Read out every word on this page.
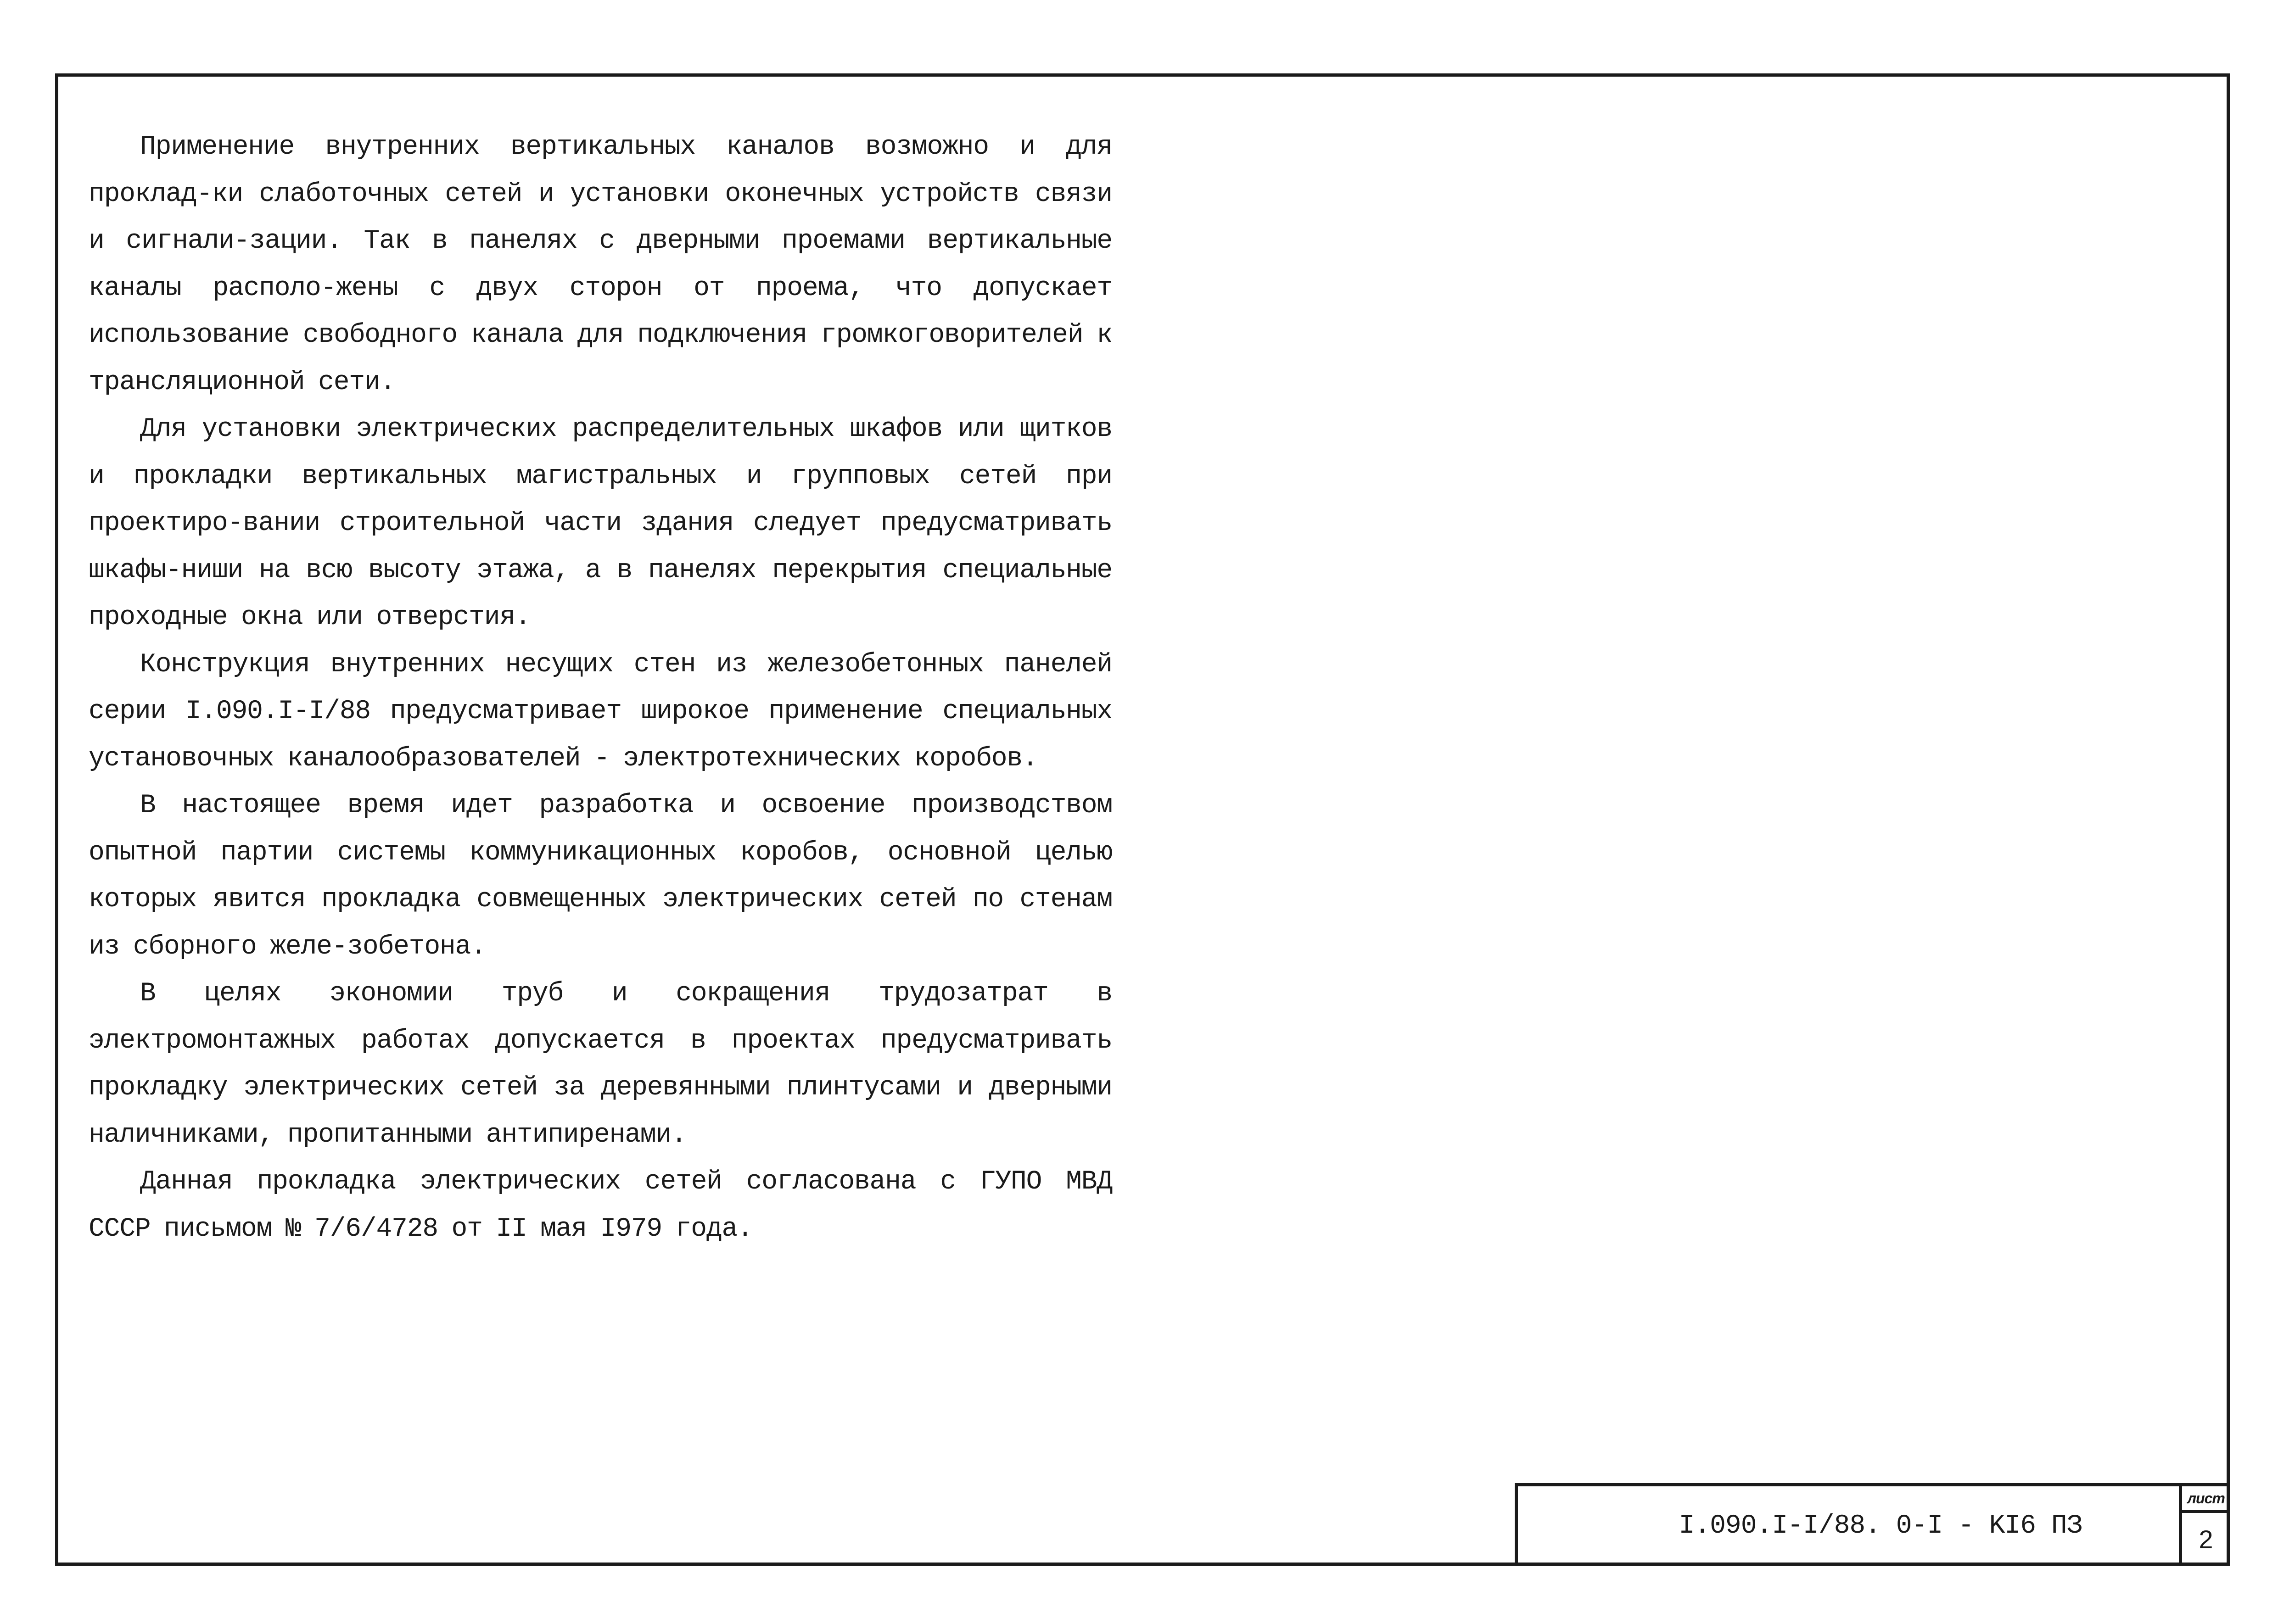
Применение внутренних вертикальных каналов возможно и для проклад-ки слаботочных сетей и установки оконечных устройств связи и сигнали-зации. Так в панелях с дверными проемами вертикальные каналы располо-жены с двух сторон от проема, что допускает использование свободного канала для подключения громкоговорителей к трансляционной сети.

Для установки электрических распределительных шкафов или щитков и прокладки вертикальных магистральных и групповых сетей при проектиро-вании строительной части здания следует предусматривать шкафы-ниши на всю высоту этажа, а в панелях перекрытия специальные проходные окна или отверстия.

Конструкция внутренних несущих стен из железобетонных панелей серии I.090.I-I/88 предусматривает широкое применение специальных установочных каналообразователей - электротехнических коробов.

В настоящее время идет разработка и освоение производством опытной партии системы коммуникационных коробов, основной целью которых явится прокладка совмещенных электрических сетей по стенам из сборного желе-зобетона.

В целях экономии труб и сокращения трудозатрат в электромонтажных работах допускается в проектах предусматривать прокладку электрических сетей за деревянными плинтусами и дверными наличниками, пропитанными антипиренами.

Данная прокладка электрических сетей согласована с ГУПО МВД СССР письмом № 7/6/4728 от II мая I979 года.

I.090.I-I/88. 0-I - KI6 ПЗ
лист
2
